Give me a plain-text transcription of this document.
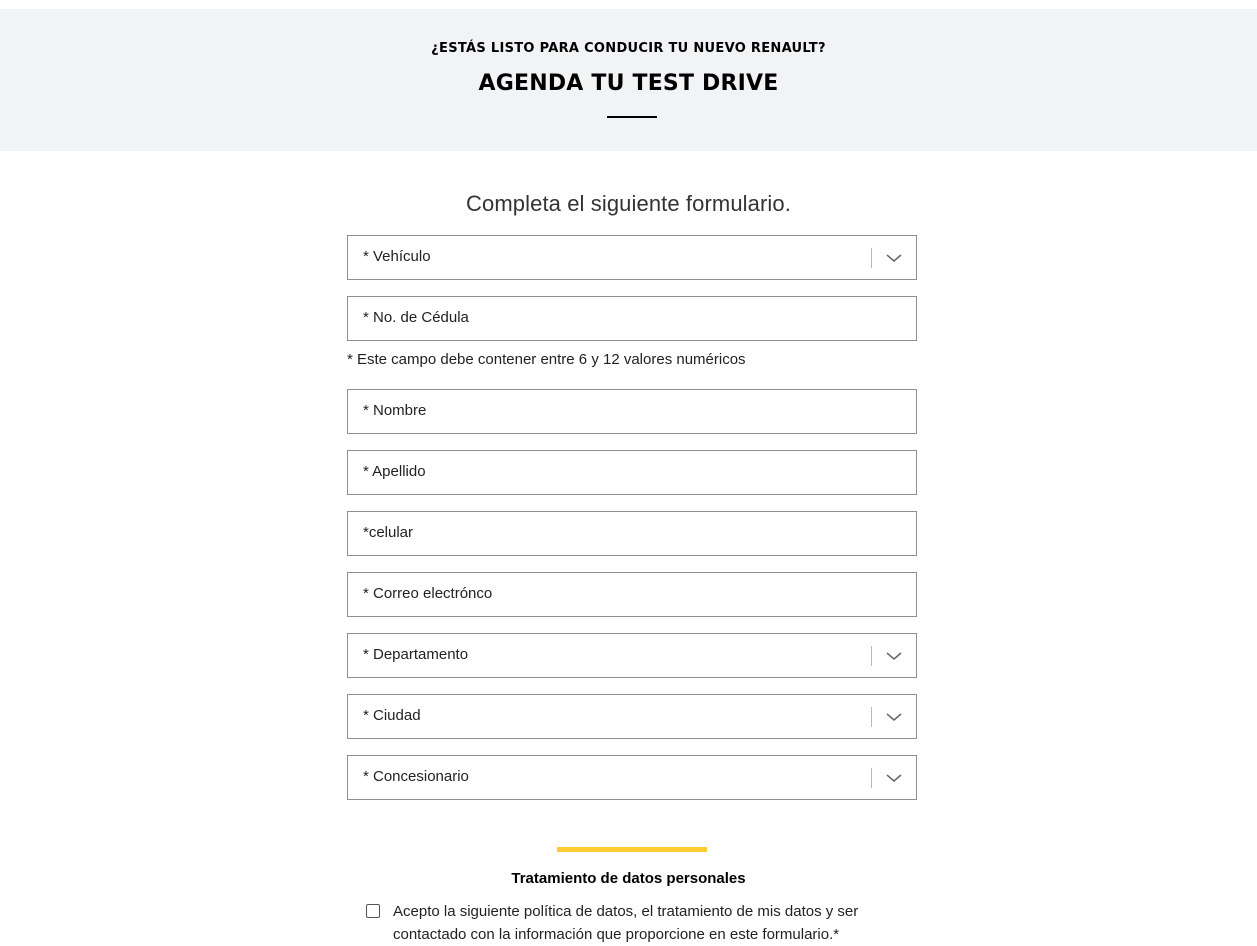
¿ESTÁS LISTO PARA CONDUCIR TU NUEVO RENAULT?
AGENDA TU TEST DRIVE
Completa el siguiente formulario.
* Vehículo
* No. de Cédula
* Este campo debe contener entre 6 y 12 valores numéricos
* Nombre
* Apellido
*celular
* Correo electrónco
* Departamento
* Ciudad
* Concesionario
Tratamiento de datos personales
Acepto la siguiente política de datos, el tratamiento de mis datos y ser contactado con la información que proporcione en este formulario.*
